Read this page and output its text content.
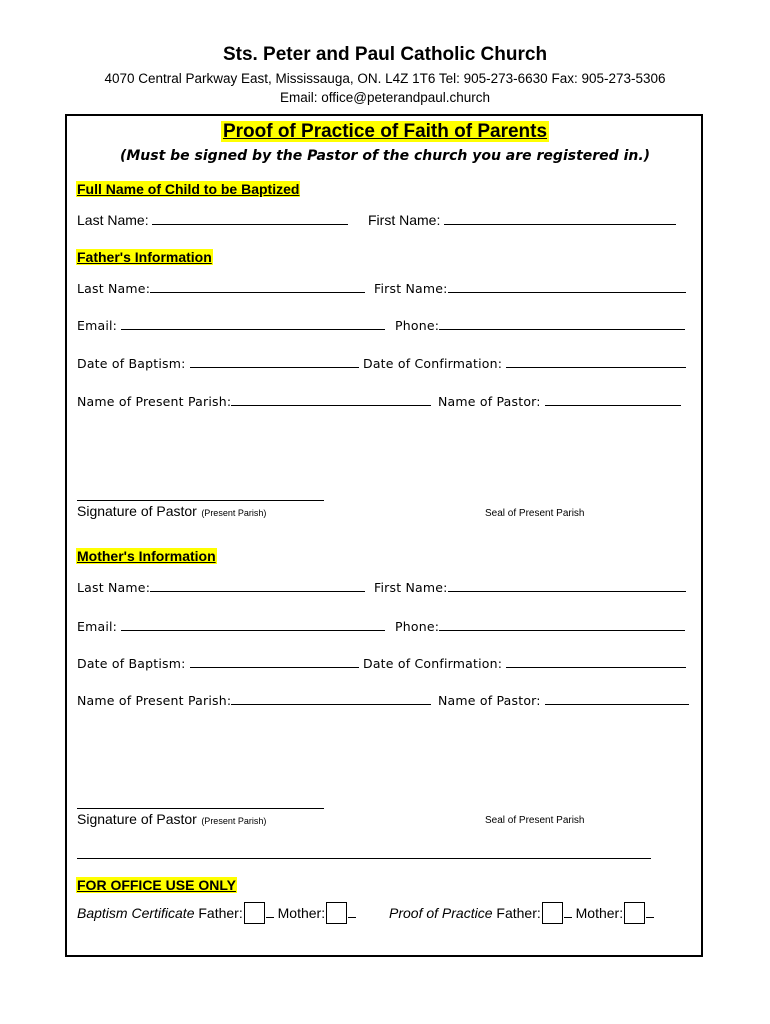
Sts. Peter and Paul Catholic Church
4070 Central Parkway East, Mississauga, ON. L4Z 1T6 Tel: 905-273-6630 Fax: 905-273-5306
Email: office@peterandpaul.church
Proof of Practice of Faith of Parents
(Must be signed by the Pastor of the church you are registered in.)
Full Name of Child to be Baptized
Last Name:	First Name:
Father's Information
Last Name:	First Name:
Email:	Phone:
Date of Baptism:	Date of Confirmation:
Name of Present Parish:	Name of Pastor:
Signature of Pastor (Present Parish)	Seal of Present Parish
Mother's Information
Last Name:	First Name:
Email:	Phone:
Date of Baptism:	Date of Confirmation:
Name of Present Parish:	Name of Pastor:
Signature of Pastor (Present Parish)	Seal of Present Parish
FOR OFFICE USE ONLY
Baptism Certificate Father: Mother:	Proof of Practice Father: Mother:
